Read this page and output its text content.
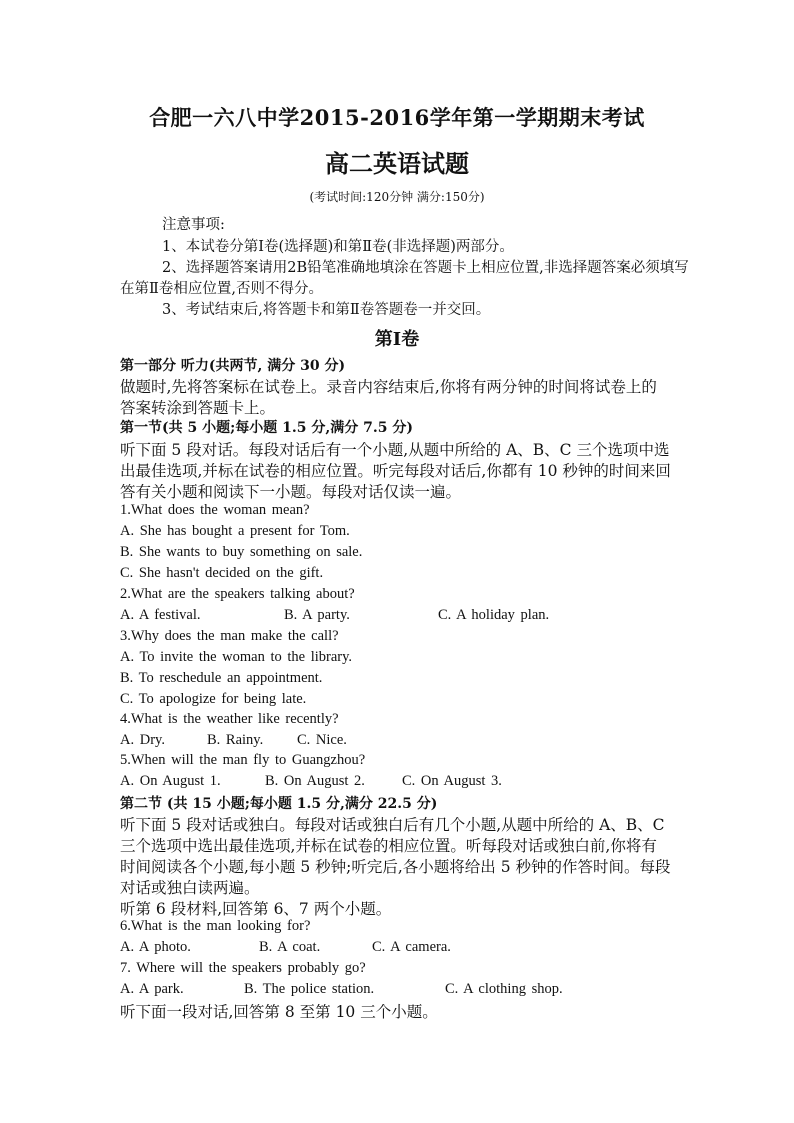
合肥一六八中学2015-2016学年第一学期期末考试
高二英语试题
(考试时间:120分钟 满分:150分)
注意事项:
1、本试卷分第Ⅰ卷(选择题)和第Ⅱ卷(非选择题)两部分。
2、选择题答案请用2B铅笔准确地填涂在答题卡上相应位置,非选择题答案必须填写
在第Ⅱ卷相应位置,否则不得分。
3、考试结束后,将答题卡和第Ⅱ卷答题卷一并交回。
第Ⅰ卷
第一部分 听力(共两节, 满分 30 分)
做题时,先将答案标在试卷上。录音内容结束后,你将有两分钟的时间将试卷上的
答案转涂到答题卡上。
第一节(共 5 小题;每小题 1.5 分,满分 7.5 分)
听下面 5 段对话。每段对话后有一个小题,从题中所给的 A、B、C 三个选项中选
出最佳选项,并标在试卷的相应位置。听完每段对话后,你都有 10 秒钟的时间来回
答有关小题和阅读下一小题。每段对话仅读一遍。
1.What does the woman mean?
A. She has bought a present for Tom.
B. She wants to buy something on sale.
C. She hasn't decided on the gift.
2.What are the speakers talking about?
A. A festival.	B. A party.	C. A holiday plan.
3.Why does the man make the call?
A. To invite the woman to the library.
B. To reschedule an appointment.
C. To apologize for being late.
4.What is the weather like recently?
A. Dry.	B. Rainy. C. Nice.
5.When will the man fly to Guangzhou?
A. On August 1.	B. On August 2.	C. On August 3.
第二节 (共 15 小题;每小题 1.5 分,满分 22.5 分)
听下面 5 段对话或独白。每段对话或独白后有几个小题,从题中所给的 A、B、C
三个选项中选出最佳选项,并标在试卷的相应位置。听每段对话或独白前,你将有
时间阅读各个小题,每小题 5 秒钟;听完后,各小题将给出 5 秒钟的作答时间。每段
对话或独白读两遍。
听第 6 段材料,回答第 6、7 两个小题。
6.What is the man looking for?
A. A photo.	B. A coat.	C. A camera.
7. Where will the speakers probably go?
A. A park.	B. The police station.	C. A clothing shop.
听下面一段对话,回答第 8 至第 10 三个小题。
